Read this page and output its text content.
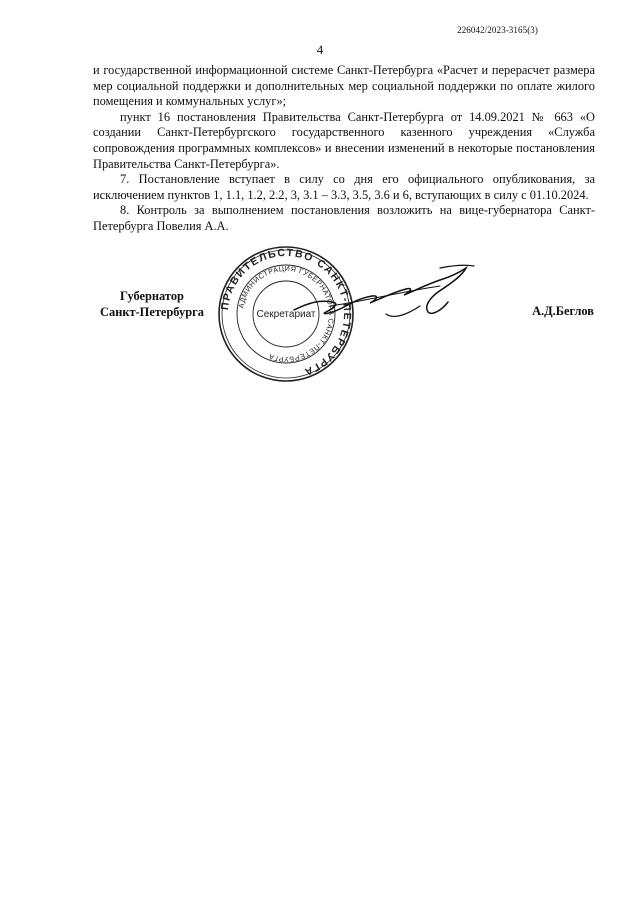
226042/2023-3165(3)
4

и государственной информационной системе Санкт-Петербурга «Расчет и перерасчет размера мер социальной поддержки и дополнительных мер социальной поддержки по оплате жилого помещения и коммунальных услуг»;

пункт 16 постановления Правительства Санкт-Петербурга от 14.09.2021 № 663 «О создании Санкт-Петербургского государственного казенного учреждения «Служба сопровождения программных комплексов» и внесении изменений в некоторые постановления Правительства Санкт-Петербурга».

7. Постановление вступает в силу со дня его официального опубликования, за исключением пунктов 1, 1.1, 1.2, 2.2, 3, 3.1 – 3.3, 3.5, 3.6 и 6, вступающих в силу с 01.10.2024.

8. Контроль за выполнением постановления возложить на вице-губернатора Санкт-Петербурга Повелия А.А.

Губернатор
Санкт-Петербурга	ПРАВИТЕЛЬСТВО САНКТ-ПЕТЕРБУРГА
АДМИНИСТРАЦИЯ ГУБЕРНАТОРА САНКТ-ПЕТЕРБУРГА
Секретариат	А.Д.Беглов
